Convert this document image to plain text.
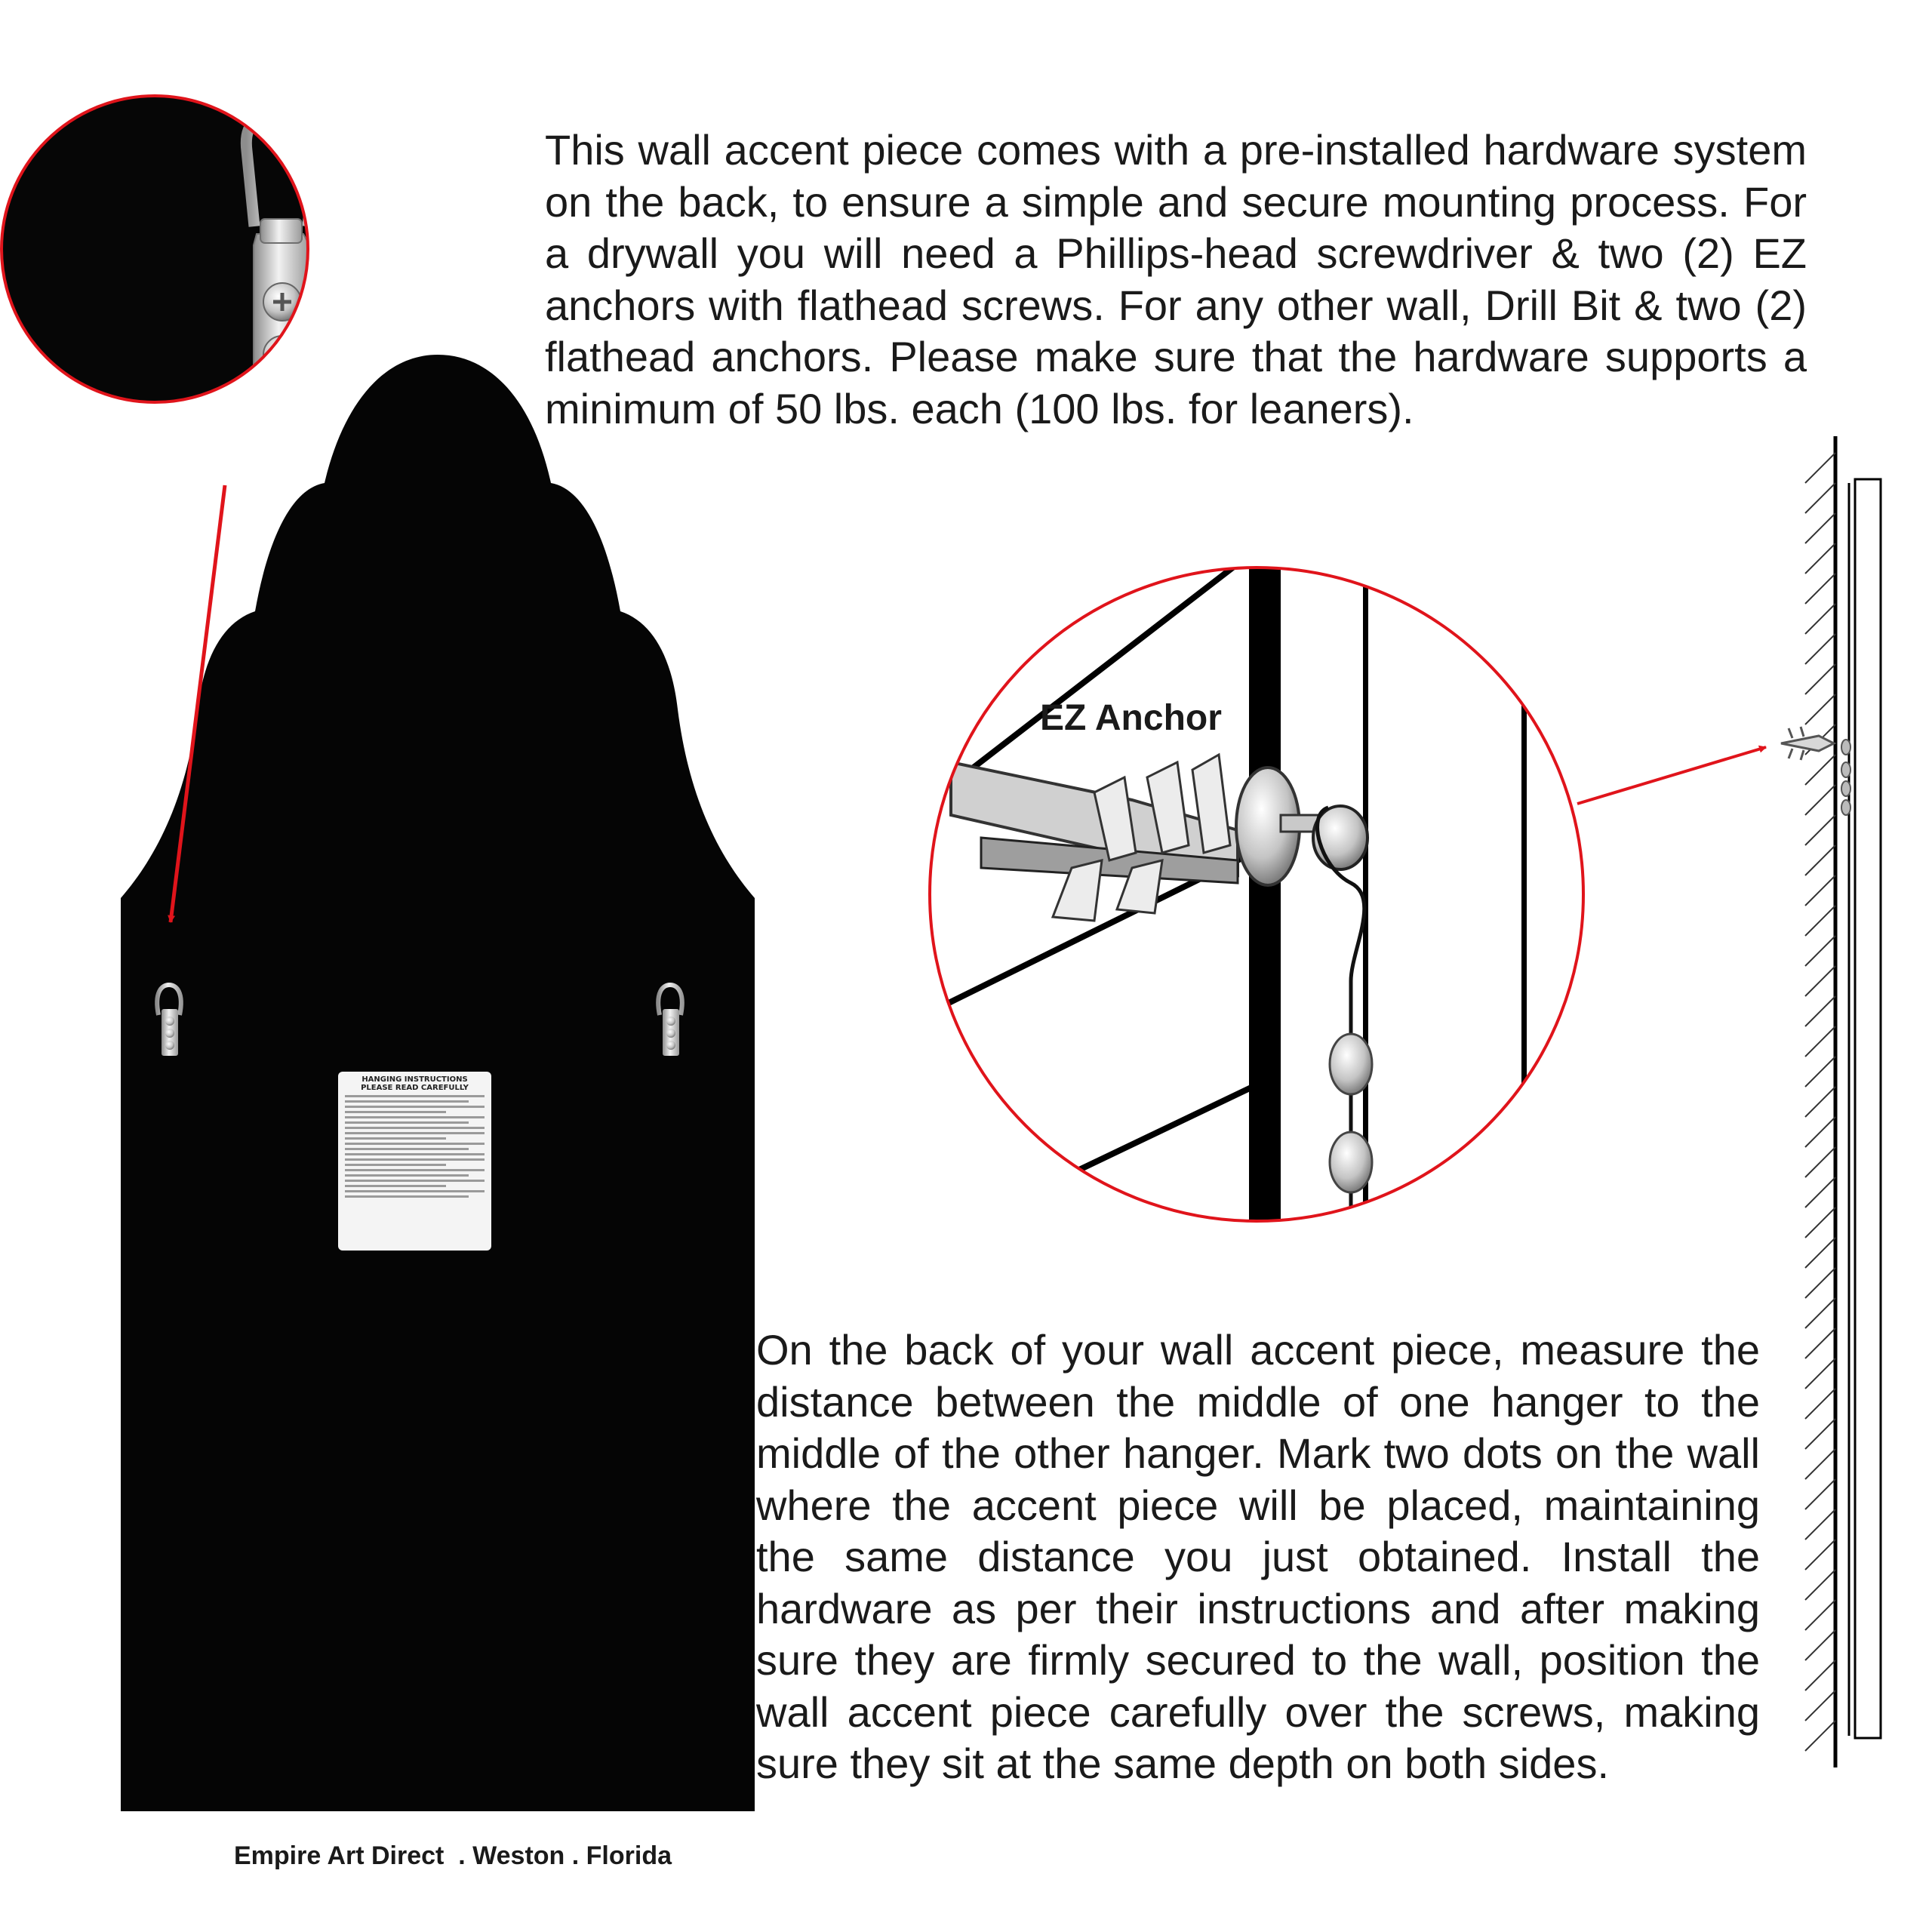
This wall accent piece comes with a pre-installed hardware system on the back, to ensure a simple and secure mounting process. For a drywall you will need a Phillips-head screwdriver & two (2) EZ anchors with flathead screws. For any other wall, Drill Bit & two (2) flathead anchors. Please make sure that the hardware supports a minimum of 50 lbs. each (100 lbs. for leaners).
EZ Anchor
HANGING INSTRUCTIONS
PLEASE READ CAREFULLY
On the back of your wall accent piece, measure the distance between the middle of one hanger to the middle of the other hanger. Mark two dots on the wall where the accent piece will be placed, maintaining the same distance you just obtained. Install the hardware as per their instructions and after making sure they are firmly secured to the wall, position the wall accent piece carefully over the screws, making sure they sit at the same depth on both sides.
Empire Art Direct  . Weston . Florida
